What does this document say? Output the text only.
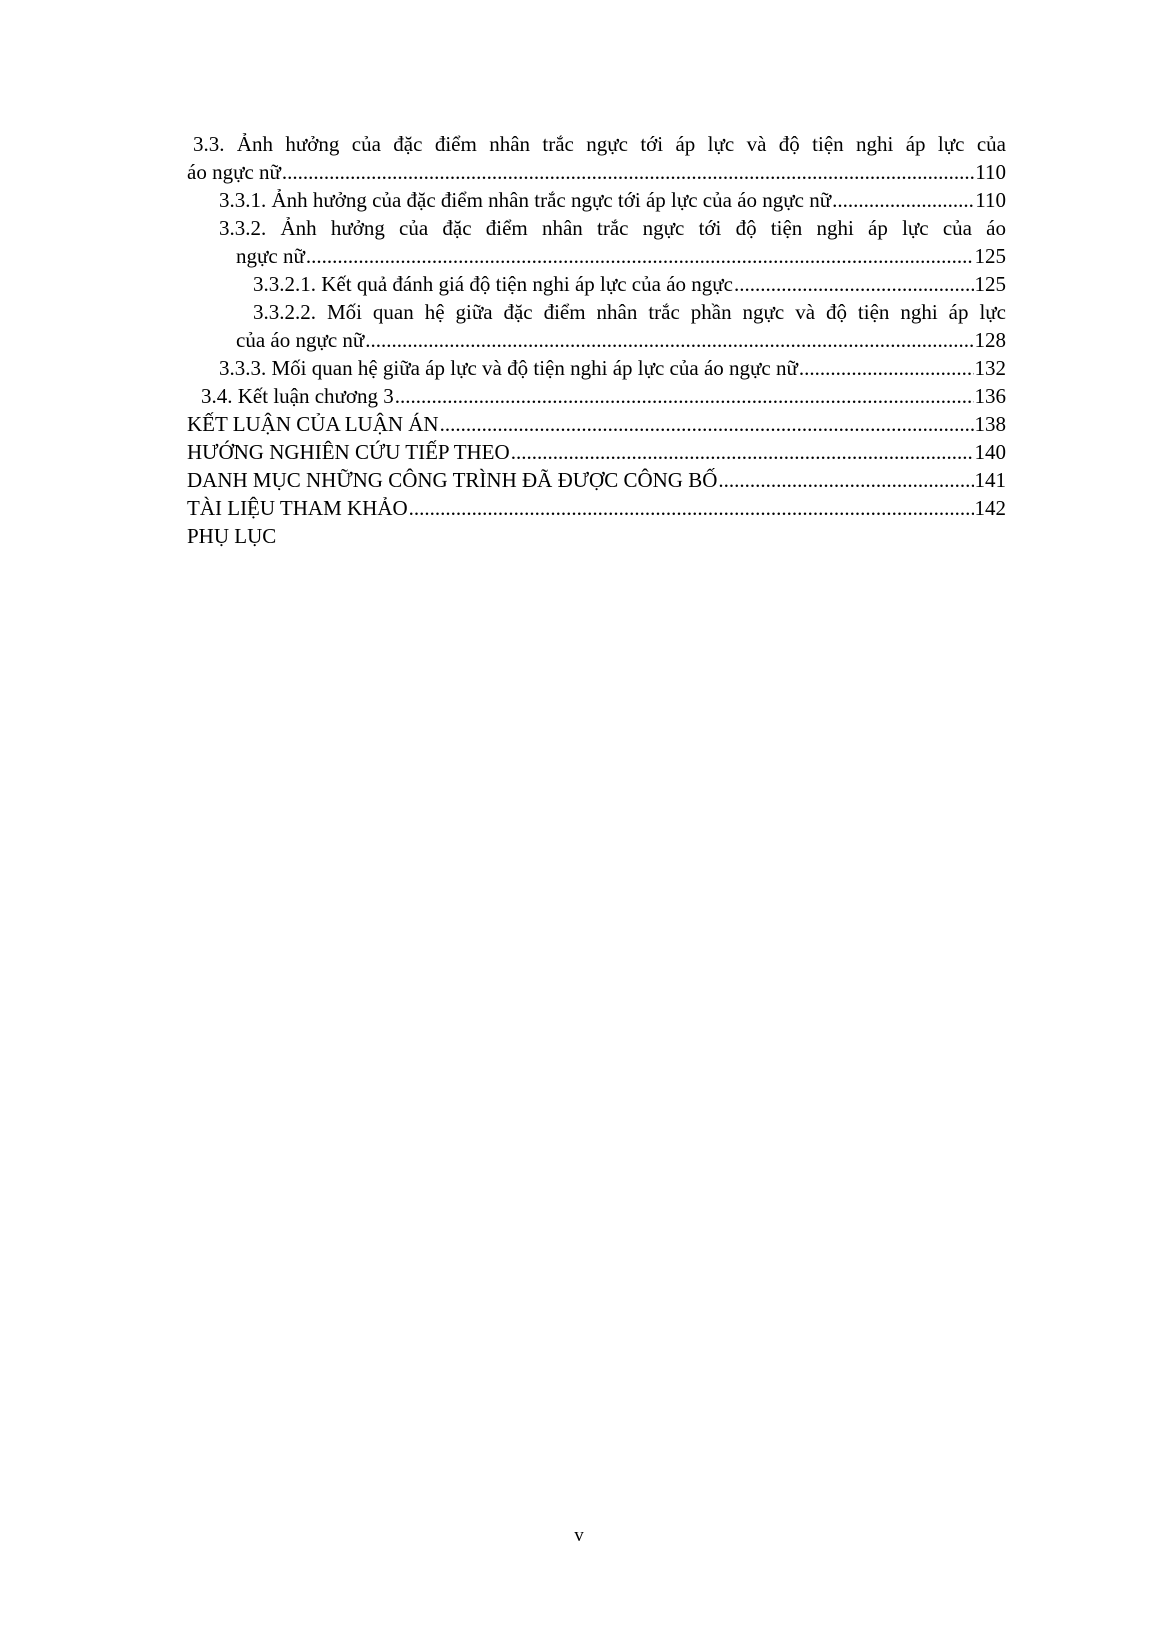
3.3. Ảnh hưởng của đặc điểm nhân trắc ngực tới áp lực và độ tiện nghi áp lực của
áo ngực nữ .....	110
3.3.1. Ảnh hưởng của đặc điểm nhân trắc ngực tới áp lực của áo ngực nữ .....	110
3.3.2. Ảnh hưởng của đặc điểm nhân trắc ngực tới độ tiện nghi áp lực của áo
ngực nữ .....	125
3.3.2.1. Kết quả đánh giá độ tiện nghi áp lực của áo ngực .....	125
3.3.2.2. Mối quan hệ giữa đặc điểm nhân trắc phần ngực và độ tiện nghi áp lực
của áo ngực nữ .....	128
3.3.3. Mối quan hệ giữa áp lực và độ tiện nghi áp lực của áo ngực nữ .....	132
3.4. Kết luận chương 3 .....	136
KẾT LUẬN CỦA LUẬN ÁN .....	138
HƯỚNG NGHIÊN CỨU TIẾP THEO .....	140
DANH MỤC NHỮNG CÔNG TRÌNH ĐÃ ĐƯỢC CÔNG BỐ .....	141
TÀI LIỆU THAM KHẢO .....	142
PHỤ LỤC
v
